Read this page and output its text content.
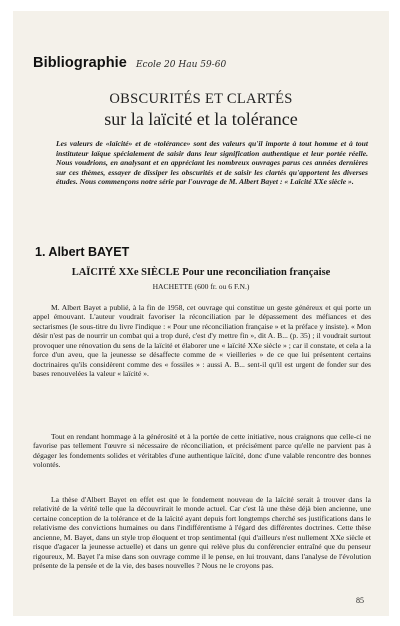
Bibliographie Ecole 20 Hau 59-60
OBSCURITÉS ET CLARTÉS
sur la laïcité et la tolérance
Les valeurs de «laïcité» et de «tolérance» sont des valeurs qu'il importe à tout homme et à tout instituteur laïque spécialement de saisir dans leur signification authentique et leur portée réelle. Nous voudrions, en analysant et en appréciant les nombreux ouvrages parus ces années dernières sur ces thèmes, essayer de dissiper les obscurités et de saisir les clartés qu'apportent les diverses études. Nous commençons notre série par l'ouvrage de M. Albert Bayet : « Laïcité XXe siècle ».
1. Albert BAYET
LAÏCITÉ XXe SIÈCLE Pour une reconciliation française
HACHETTE (600 fr. ou 6 F.N.)
M. Albert Bayet a publié, à la fin de 1958, cet ouvrage qui constitue un geste généreux et qui porte un appel émouvant. L'auteur voudrait favoriser la réconciliation par le dépassement des méfiances et des sectarismes (le sous-titre du livre l'indique : « Pour une réconciliation française » et la préface y insiste). « Mon désir n'est pas de nourrir un combat qui a trop duré, c'est d'y mettre fin », dit A. B... (p. 35) ; il voudrait surtout provoquer une rénovation du sens de la laïcité et élaborer une « laïcité XXe siècle » ; car il constate, et cela a la force d'un aveu, que la jeunesse se désaffecte comme de « vieilleries » de ce que lui présentent certains doctrinaires qu'ils considèrent comme des « fossiles » : aussi A. B... sent-il qu'il est urgent de fonder sur des bases renouvelées la valeur « laïcité ».
Tout en rendant hommage à la générosité et à la portée de cette initiative, nous craignons que celle-ci ne favorise pas tellement l'œuvre si nécessaire de réconciliation, et précisément parce qu'elle ne parvient pas à dégager les fondements solides et véritables d'une authentique laïcité, donc d'une valable rencontre des bonnes volontés.
La thèse d'Albert Bayet en effet est que le fondement nouveau de la laïcité serait à trouver dans la relativité de la vérité telle que la découvrirait le monde actuel. Car c'est là une thèse déjà bien ancienne, une certaine conception de la tolérance et de la laïcité ayant depuis fort longtemps cherché ses justifications dans le relativisme des convictions humaines ou dans l'indifférentisme à l'égard des différentes doctrines. Cette thèse ancienne, M. Bayet, dans un style trop éloquent et trop sentimental (qui d'ailleurs n'est nullement XXe siècle et risque d'agacer la jeunesse actuelle) et dans un genre qui relève plus du conférencier entraîné que du penseur rigoureux, M. Bayet l'a mise dans son ouvrage comme il le pense, en lui trouvant, dans l'analyse de l'évolution présente de la pensée et de la vie, des bases nouvelles ? Nous ne le croyons pas.
85
